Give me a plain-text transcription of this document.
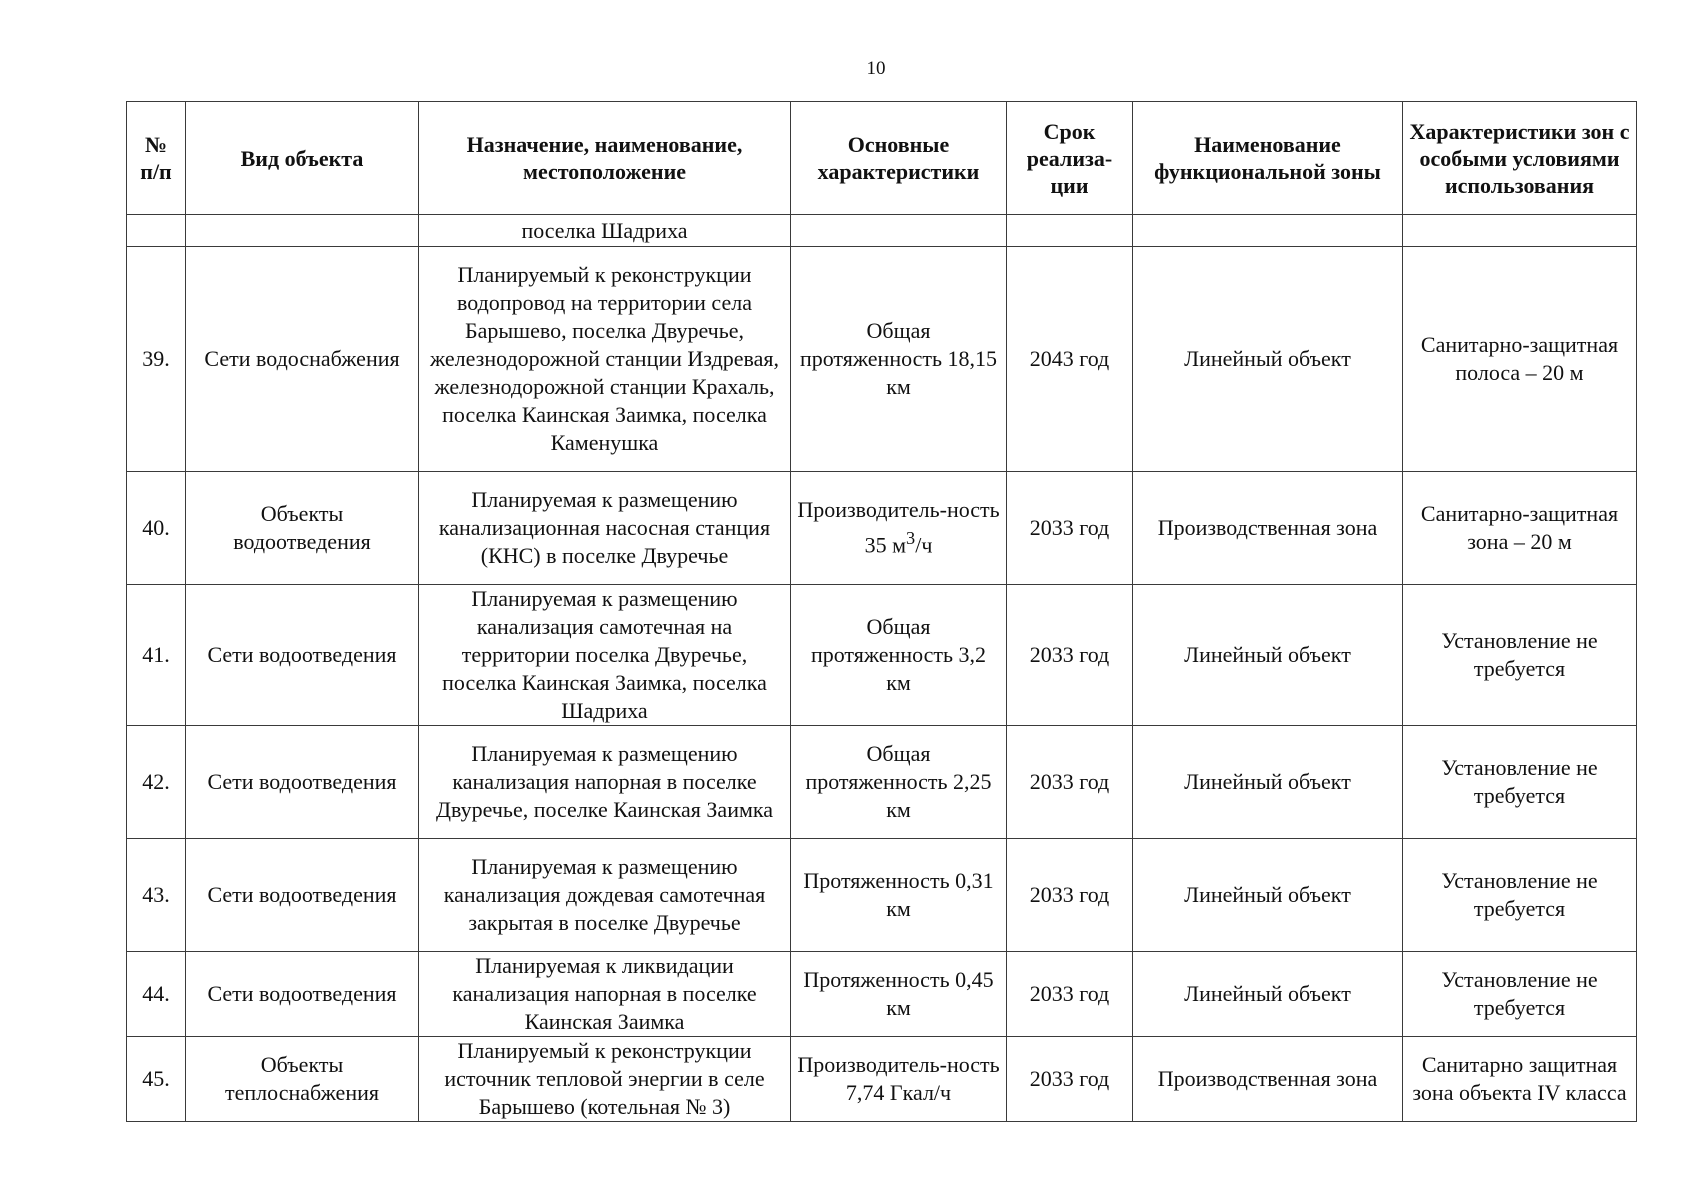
10
№ п/п	Вид объекта	Назначение, наименование, местоположение	Основные характеристики	Срок реализа- ции	Наименование функциональной зоны	Характеристики зон с особыми условиями использования
		поселка Шадриха				
39.	Сети водоснабжения	Планируемый к реконструкции водопровод на территории села Барышево, поселка Двуречье, железнодорожной станции Издревая, железнодорожной станции Крахаль, поселка Каинская Заимка, поселка Каменушка	Общая протяженность 18,15 км	2043 год	Линейный объект	Санитарно-защитная полоса – 20 м
40.	Объекты водоотведения	Планируемая к размещению канализационная насосная станция (КНС) в поселке Двуречье	Производитель-ность 35 $м^3/ч$	2033 год	Производственная зона	Санитарно-защитная зона – 20 м
41.	Сети водоотведения	Планируемая к размещению канализация самотечная на территории поселка Двуречье, поселка Каинская Заимка, поселка Шадриха	Общая протяженность 3,2 км	2033 год	Линейный объект	Установление не требуется
42.	Сети водоотведения	Планируемая к размещению канализация напорная в поселке Двуречье, поселке Каинская Заимка	Общая протяженность 2,25 км	2033 год	Линейный объект	Установление не требуется
43.	Сети водоотведения	Планируемая к размещению канализация дождевая самотечная закрытая в поселке Двуречье	Протяженность 0,31 км	2033 год	Линейный объект	Установление не требуется
44.	Сети водоотведения	Планируемая к ликвидации канализация напорная в поселке Каинская Заимка	Протяженность 0,45 км	2033 год	Линейный объект	Установление не требуется
45.	Объекты теплоснабжения	Планируемый к реконструкции источник тепловой энергии в селе Барышево (котельная № 3)	Производитель-ность 7,74 Гкал/ч	2033 год	Производственная зона	Санитарно защитная зона объекта IV класса
